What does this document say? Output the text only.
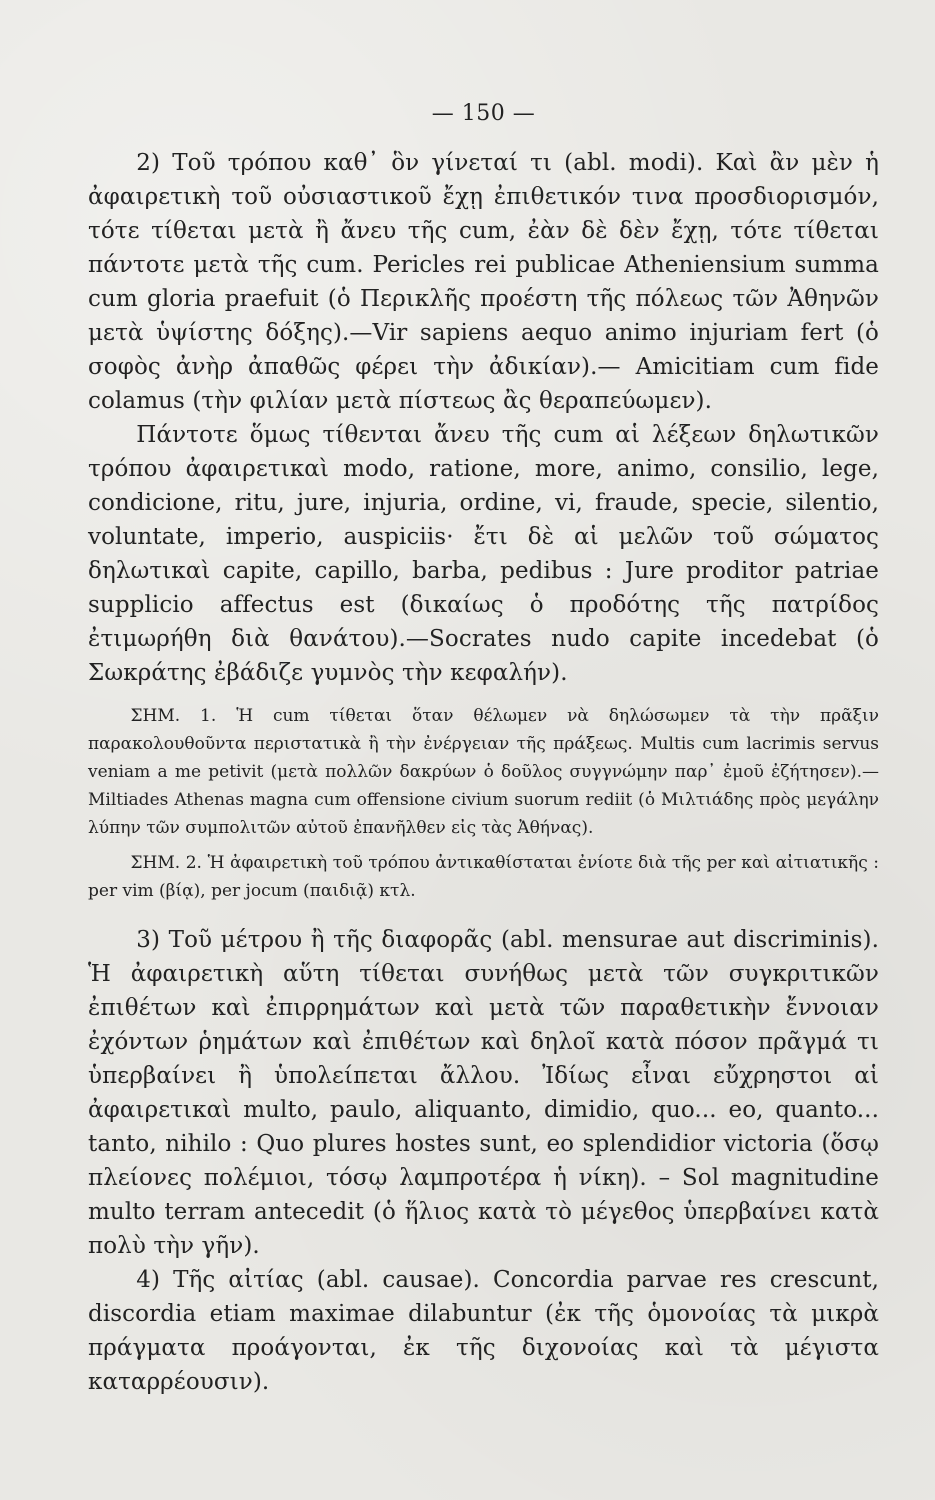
— 150 —

2) Τοῦ τρόπου καθ᾽ ὃν γίνεταί τι (abl. modi). Καὶ ἂν μὲν ἡ ἀφαιρετικὴ τοῦ οὐσιαστικοῦ ἔχῃ ἐπιθετικόν τινα προσδιορισμόν, τότε τίθεται μετὰ ἢ ἄνευ τῆς cum, ἐὰν δὲ δὲν ἔχῃ, τότε τίθεται πάντοτε μετὰ τῆς cum. Pericles rei publicae Atheniensium summa cum gloria praefuit (ὁ Περικλῆς προέστη τῆς πόλεως τῶν Ἀθηνῶν μετὰ ὑψίστης δόξης).—Vir sapiens aequo animo injuriam fert (ὁ σοφὸς ἀνὴρ ἀπαθῶς φέρει τὴν ἀδικίαν).— Amicitiam cum fide colamus (τὴν φιλίαν μετὰ πίστεως ἂς θεραπεύωμεν).

Πάντοτε ὅμως τίθενται ἄνευ τῆς cum αἱ λέξεων δηλωτικῶν τρόπου ἀφαιρετικαὶ modo, ratione, more, animo, consilio, lege, condicione, ritu, jure, injuria, ordine, vi, fraude, specie, silentio, voluntate, imperio, auspiciis· ἔτι δὲ αἱ μελῶν τοῦ σώματος δηλωτικαὶ capite, capillo, barba, pedibus : Jure proditor patriae supplicio affectus est (δικαίως ὁ προδότης τῆς πατρίδος ἐτιμωρήθη διὰ θανάτου).—Socrates nudo capite incedebat (ὁ Σωκράτης ἐβάδιζε γυμνὸς τὴν κεφαλήν).

ΣΗΜ. 1. Ἡ cum τίθεται ὅταν θέλωμεν νὰ δηλώσωμεν τὰ τὴν πρᾶξιν παρακολουθοῦντα περιστατικὰ ἢ τὴν ἐνέργειαν τῆς πράξεως. Multis cum lacrimis servus veniam a me petivit (μετὰ πολλῶν δακρύων ὁ δοῦλος συγγνώμην παρ᾽ ἐμοῦ ἐζήτησεν).—Miltiades Athenas magna cum offensione civium suorum rediit (ὁ Μιλτιάδης πρὸς μεγάλην λύπην τῶν συμπολιτῶν αὐτοῦ ἐπανῆλθεν εἰς τὰς Ἀθήνας).

ΣΗΜ. 2. Ἡ ἀφαιρετικὴ τοῦ τρόπου ἀντικαθίσταται ἐνίοτε διὰ τῆς per καὶ αἰτιατικῆς : per vim (βίᾳ), per jocum (παιδιᾷ) κτλ.

3) Τοῦ μέτρου ἢ τῆς διαφορᾶς (abl. mensurae aut discriminis). Ἡ ἀφαιρετικὴ αὕτη τίθεται συνήθως μετὰ τῶν συγκριτικῶν ἐπιθέτων καὶ ἐπιρρημάτων καὶ μετὰ τῶν παραθετικὴν ἔννοιαν ἐχόντων ῥημάτων καὶ ἐπιθέτων καὶ δηλοῖ κατὰ πόσον πρᾶγμά τι ὑπερβαίνει ἢ ὑπολείπεται ἄλλου. Ἰδίως εἶναι εὔχρηστοι αἱ ἀφαιρετικαὶ multo, paulo, aliquanto, dimidio, quo... eo, quanto... tanto, nihilo : Quo plures hostes sunt, eo splendidior victoria (ὅσῳ πλείονες πολέμιοι, τόσῳ λαμπροτέρα ἡ νίκη). – Sol magnitudine multo terram antecedit (ὁ ἥλιος κατὰ τὸ μέγεθος ὑπερβαίνει κατὰ πολὺ τὴν γῆν).

4) Τῆς αἰτίας (abl. causae). Concordia parvae res crescunt, discordia etiam maximae dilabuntur (ἐκ τῆς ὁμονοίας τὰ μικρὰ πράγματα προάγονται, ἐκ τῆς διχονοίας καὶ τὰ μέγιστα καταρρέουσιν).
